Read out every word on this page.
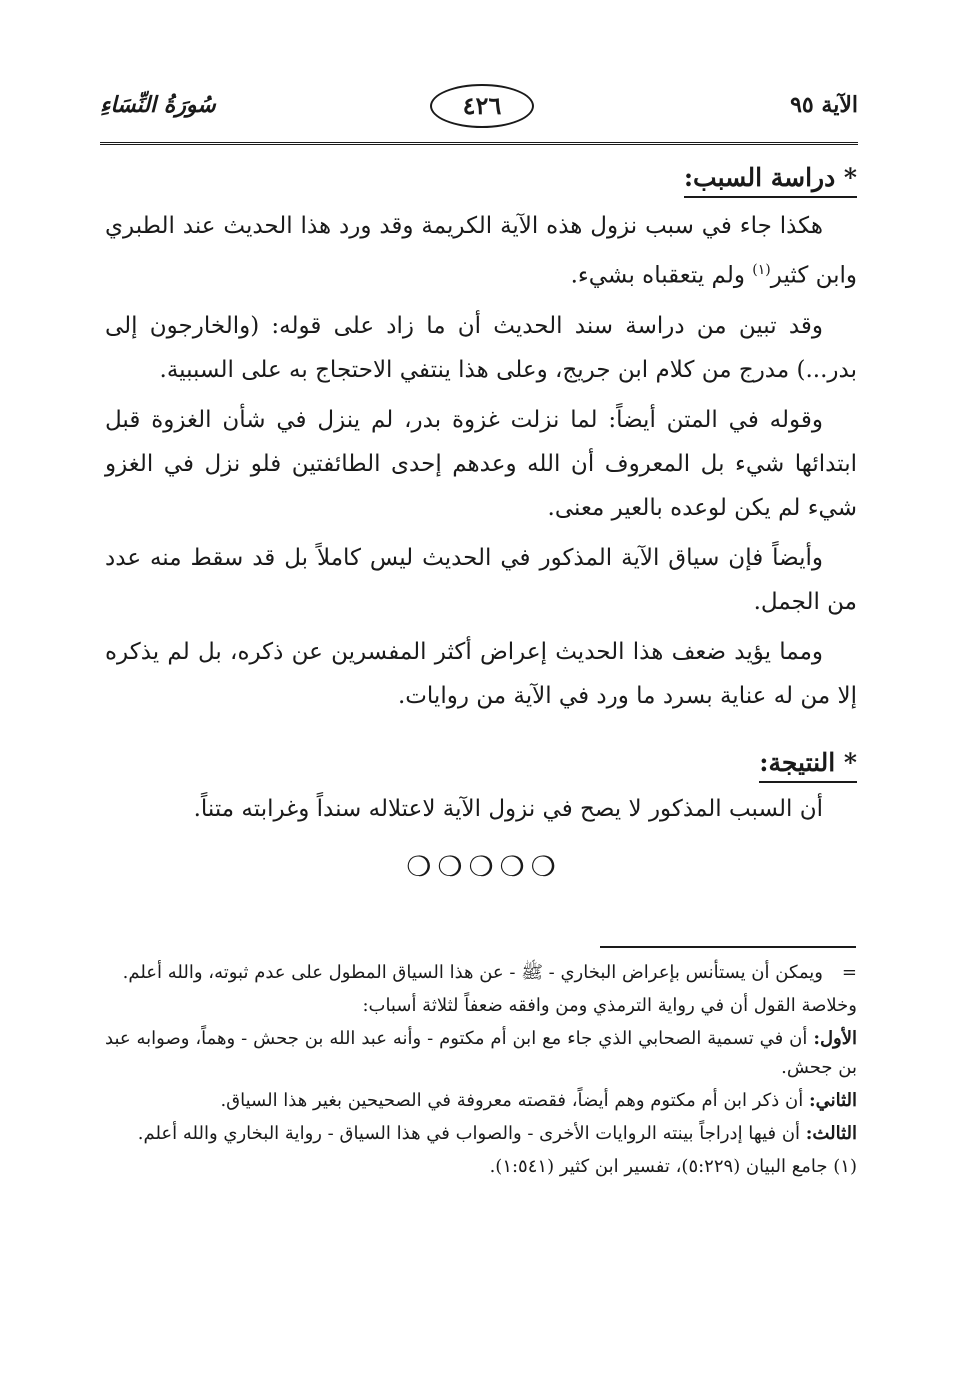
سُورَةُ النِّسَاءِ	٤٢٦	الآية ٩٥
* دراسة السبب:

هكذا جاء في سبب نزول هذه الآية الكريمة وقد ورد هذا الحديث عند الطبري وابن كثير$^{(١)}$ ولم يتعقباه بشيء.

وقد تبين من دراسة سند الحديث أن ما زاد على قوله: (والخارجون إلى بدر...) مدرج من كلام ابن جريج، وعلى هذا ينتفي الاحتجاج به على السببية.

وقوله في المتن أيضاً: لما نزلت غزوة بدر، لم ينزل في شأن الغزوة قبل ابتدائها شيء بل المعروف أن الله وعدهم إحدى الطائفتين فلو نزل في الغزو شيء لم يكن لوعده بالعير معنى.

وأيضاً فإن سياق الآية المذكور في الحديث ليس كاملاً بل قد سقط منه عدد من الجمل.

ومما يؤيد ضعف هذا الحديث إعراض أكثر المفسرين عن ذكره، بل لم يذكره إلا من له عناية بسرد ما ورد في الآية من روايات.

* النتيجة:

أن السبب المذكور لا يصح في نزول الآية لاعتلاله سنداً وغرابته متناً.

❍❍❍❍❍

=
ويمكن أن يستأنس بإعراض البخاري - ﷺ - عن هذا السياق المطول على عدم ثبوته، والله أعلم.

وخلاصة القول أن في رواية الترمذي ومن وافقه ضعفاً لثلاثة أسباب:

الأول: أن في تسمية الصحابي الذي جاء مع ابن أم مكتوم - وأنه عبد الله بن جحش - وهماً، وصوابه عبد بن جحش.

الثاني: أن ذكر ابن أم مكتوم وهم أيضاً، فقصته معروفة في الصحيحين بغير هذا السياق.

الثالث: أن فيها إدراجاً بينته الروايات الأخرى - والصواب في هذا السياق - رواية البخاري والله أعلم.

(١) جامع البيان (٥:٢٢٩)، تفسير ابن كثير (١:٥٤١).
